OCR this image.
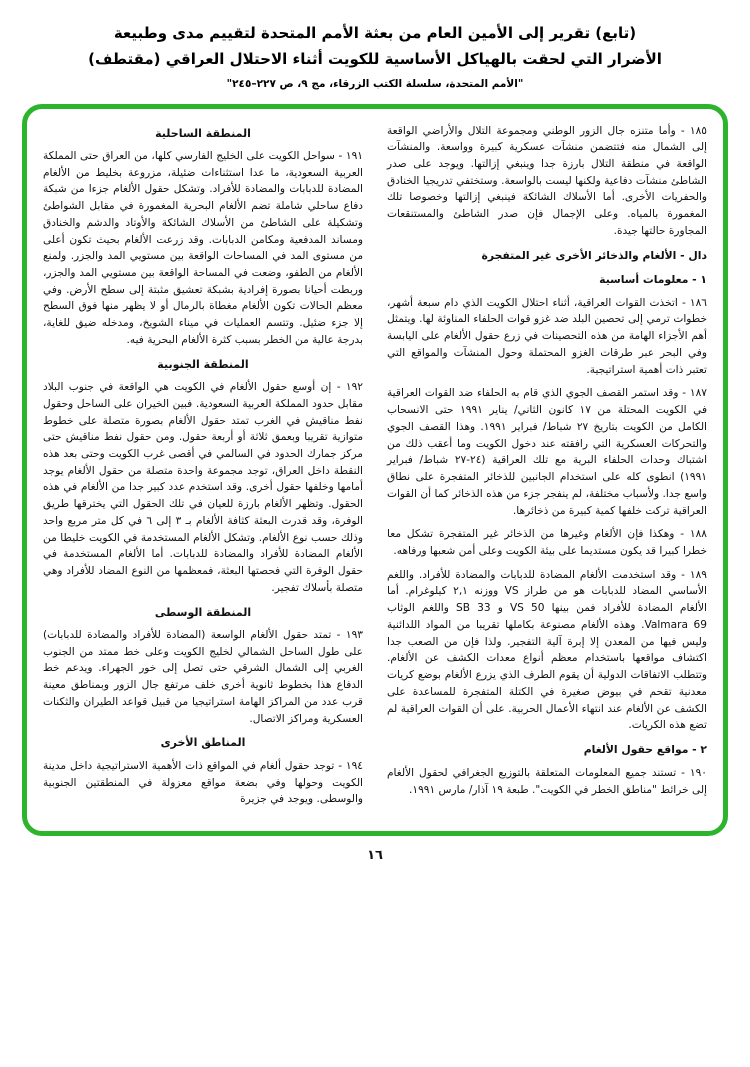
(تابع) تقرير إلى الأمين العام من بعثة الأمم المتحدة لتقييم مدى وطبيعة
الأضرار التي لحقت بالهياكل الأساسية للكويت أثناء الاحتلال العراقي (مقتطف)
"الأمم المتحدة، سلسلة الكتب الزرقاء، مج ٩، ص ٢٢٧–٢٤٥"

١٨٥ - وأما متنزه جال الزور الوطني ومجموعة التلال والأراضي الواقعة إلى الشمال منه فتتضمن منشآت عسكرية كبيرة وواسعة. والمنشآت الواقعة في منطقة التلال بارزة جدا وينبغي إزالتها. ويوجد على صدر الشاطئ منشآت دفاعية ولكنها ليست بالواسعة. وستختفي تدريجيا الخنادق والحفريات الأخرى. أما الأسلاك الشائكة فينبغي إزالتها وخصوصا تلك المغمورة بالمياه. وعلى الإجمال فإن صدر الشاطئ والمستنقعات المجاورة حالتها جيدة.

دال - الألغام والذخائر الأخرى غير المتفجرة
١ - معلومات أساسية

١٨٦ - اتخذت القوات العراقية، أثناء احتلال الكويت الذي دام سبعة أشهر، خطوات ترمي إلى تحصين البلد ضد غزو قوات الحلفاء المناوئة لها. ويتمثل أهم الأجزاء الهامة من هذه التحصينات في زرع حقول الألغام على اليابسة وفي البحر عبر طرقات الغزو المحتملة وحول المنشآت والمواقع التي تعتبر ذات أهمية استراتيجية.

١٨٧ - وقد استمر القصف الجوي الذي قام به الحلفاء ضد القوات العراقية في الكويت المحتلة من ١٧ كانون الثاني/ يناير ١٩٩١ حتى الانسحاب الكامل من الكويت بتاريخ ٢٧ شباط/ فبراير ١٩٩١. وهذا القصف الجوي والتحركات العسكرية التي رافقته عند دخول الكويت وما أعقب ذلك من اشتباك وحدات الحلفاء البرية مع تلك العراقية (٢٤-٢٧ شباط/ فبراير ١٩٩١) انطوى كله على استخدام الجانبين للذخائر المتفجرة على نطاق واسع جدا. ولأسباب مختلفة، لم ينفجر جزء من هذه الذخائر كما أن القوات العراقية تركت خلفها كمية كبيرة من ذخائرها.

١٨٨ - وهكذا فإن الألغام وغيرها من الذخائر غير المتفجرة تشكل معا خطرا كبيرا قد يكون مستديما على بيئة الكويت وعلى أمن شعبها ورفاهه.

١٨٩ - وقد استخدمت الألغام المضادة للدبابات والمضادة للأفراد. واللغم الأساسي المضاد للدبابات هو من طراز VS ووزنه ٢,١ كيلوغرام. أما الألغام المضادة للأفراد فمن بينها VS 50 و SB 33 واللغم الوثاب Valmara 69. وهذه الألغام مصنوعة بكاملها تقريبا من المواد اللدائنية وليس فيها من المعدن إلا إبرة آلية التفجير. ولذا فإن من الصعب جدا اكتشاف مواقعها باستخدام معظم أنواع معدات الكشف عن الألغام. وتتطلب الاتفاقات الدولية أن يقوم الطرف الذي يزرع الألغام بوضع كريات معدنية تقحم في بيوض صغيرة في الكتلة المتفجرة للمساعدة على الكشف عن الألغام عند انتهاء الأعمال الحربية. على أن القوات العراقية لم تضع هذه الكريات.

٢ - مواقع حقول الألغام

١٩٠ - تستند جميع المعلومات المتعلقة بالتوزيع الجغرافي لحقول الألغام إلى خرائط "مناطق الخطر في الكويت". طبعة ١٩ آذار/ مارس ١٩٩١.

المنطقة الساحلية

١٩١ - سواحل الكويت على الخليج الفارسي كلها، من العراق حتى المملكة العربية السعودية، ما عدا استثناءات ضئيلة، مزروعة بخليط من الألغام المضادة للدبابات والمضادة للأفراد. وتشكل حقول الألغام جزءا من شبكة دفاع ساحلي شاملة تضم الألغام البحرية المغمورة في مقابل الشواطئ وتشكيلة على الشاطئ من الأسلاك الشائكة والأوتاد والدشم والخنادق ومساند المدفعية ومكامن الدبابات. وقد زرعت الألغام بحيث تكون أعلى من مستوى المد في المساحات الواقعة بين مستويي المد والجزر. ولمنع الألغام من الطفو، وضعت في المساحة الواقعة بين مستويي المد والجزر، وربطت أحيانا بصورة إفرادية بشبكة تعشيق مثبتة إلى سطح الأرض. وفي معظم الحالات تكون الألغام مغطاة بالرمال أو لا يظهر منها فوق السطح إلا جزء ضئيل. وتتسم العمليات في ميناء الشويخ، ومدخله ضيق للغاية، بدرجة عالية من الخطر بسبب كثرة الألغام البحرية فيه.

المنطقة الجنوبية

١٩٢ - إن أوسع حقول الألغام في الكويت هي الواقعة في جنوب البلاد مقابل حدود المملكة العربية السعودية. فبين الخيران على الساحل وحقول نفط مناقيش في الغرب تمتد حقول الألغام بصورة متصلة على خطوط متوازية تقريبا وبعمق ثلاثة أو أربعة حقول. ومن حقول نفط مناقيش حتى مركز جمارك الحدود في السالمي في أقصى غرب الكويت وحتى بعد هذه النقطة داخل العراق، توجد مجموعة واحدة متصلة من حقول الألغام يوجد أمامها وخلفها حقول أخرى. وقد استخدم عدد كبير جدا من الألغام في هذه الحقول. وتظهر الألغام بارزة للعيان في تلك الحقول التي يخترقها طريق الوفرة، وقد قدرت البعثة كثافة الألغام بـ ٣ إلى ٦ في كل متر مربع واحد وذلك حسب نوع الألغام. وتشكل الألغام المستخدمة في الكويت خليطا من الألغام المضادة للأفراد والمضادة للدبابات. أما الألغام المستخدمة في حقول الوفرة التي فحصتها البعثة، فمعظمها من النوع المضاد للأفراد وهي متصلة بأسلاك تفجير.

المنطقة الوسطى

١٩٣ - تمتد حقول الألغام الواسعة (المضادة للأفراد والمضادة للدبابات) على طول الساحل الشمالي لخليج الكويت وعلى خط ممتد من الجنوب الغربي إلى الشمال الشرقي حتى تصل إلى خور الجهراء. ويدعم خط الدفاع هذا بخطوط ثانوية أخرى خلف مرتفع جال الزور وبمناطق معينة قرب عدد من المراكز الهامة استراتيجيا من قبيل قواعد الطيران والثكنات العسكرية ومراكز الاتصال.

المناطق الأخرى

١٩٤ - توجد حقول ألغام في المواقع ذات الأهمية الاستراتيجية داخل مدينة الكويت وحولها وفي بضعة مواقع معزولة في المنطقتين الجنوبية والوسطى. ويوجد في جزيرة

١٦
